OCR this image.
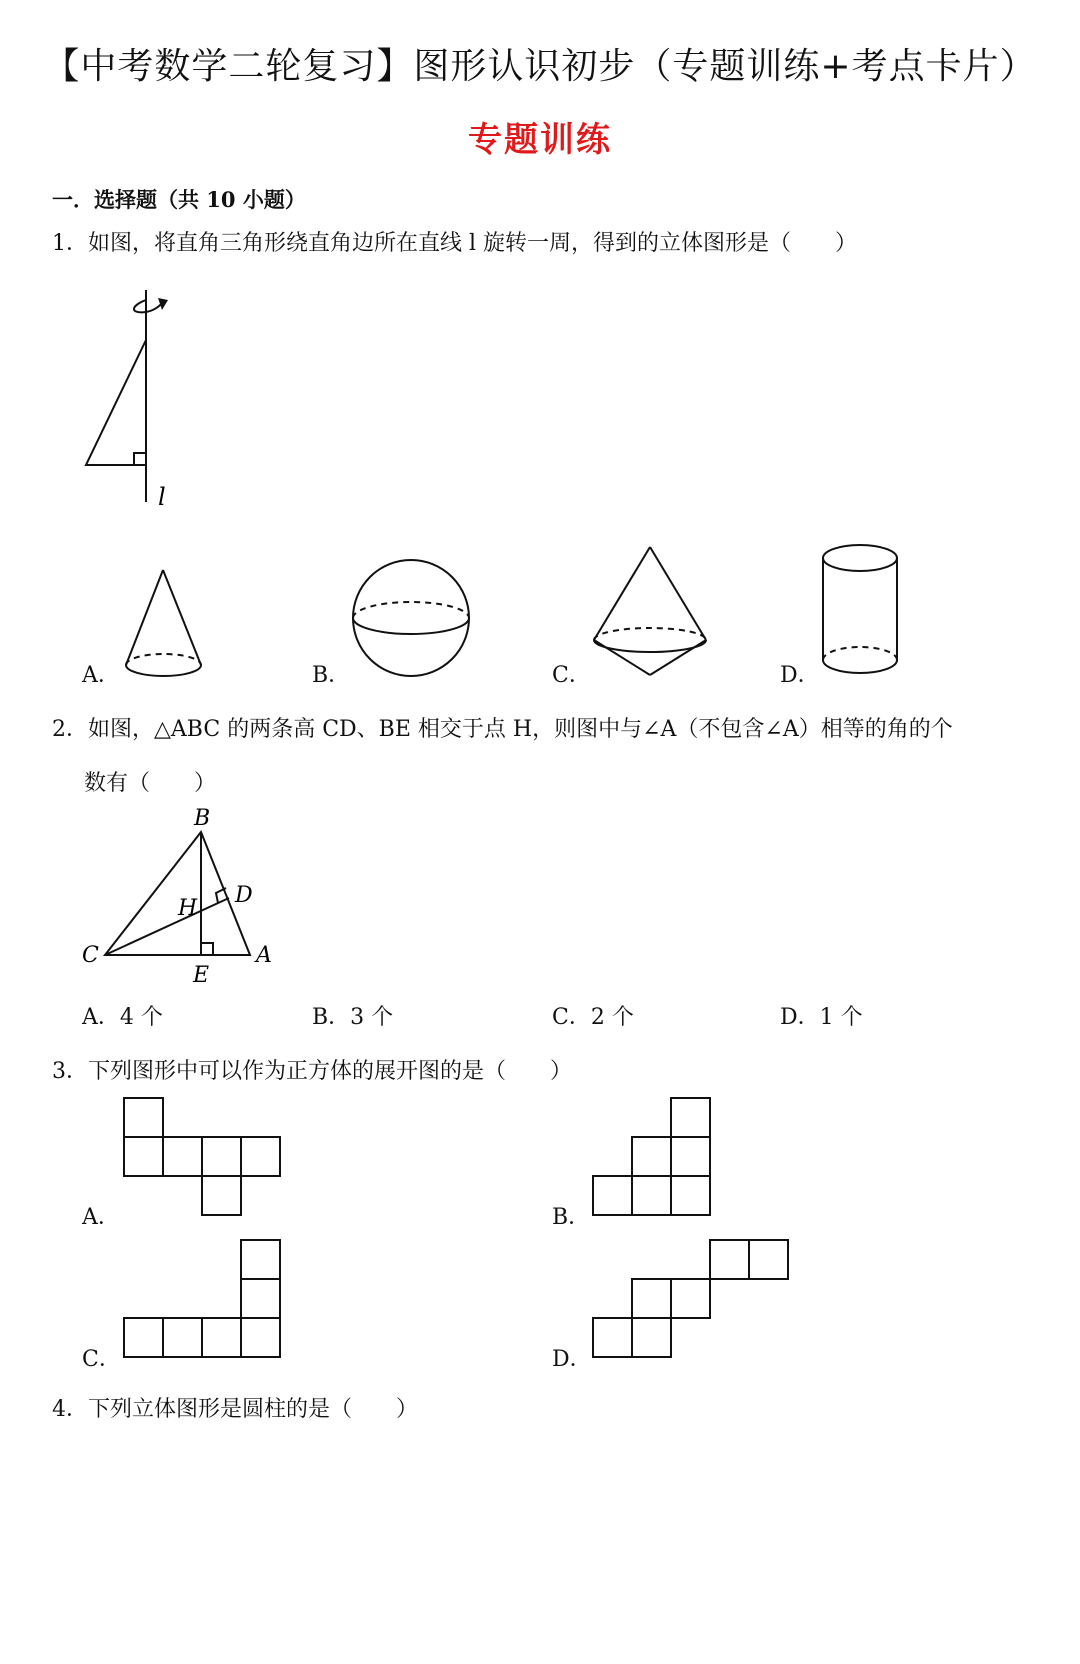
【中考数学二轮复习】图形认识初步（专题训练+考点卡片）
专题训练
一．选择题（共 10 小题）
1．如图，将直角三角形绕直角边所在直线 l 旋转一周，得到的立体图形是（　　）
l
A．	B．	C．	D．
2．如图，△ABC 的两条高 CD、BE 相交于点 H，则图中与∠A（不包含∠A）相等的角的个
数有（　　）
B
C	A
D
E
H
A．4 个	B．3 个	C．2 个	D．1 个
3．下列图形中可以作为正方体的展开图的是（　　）
A．	B．
C．	D．
4．下列立体图形是圆柱的是（　　）
